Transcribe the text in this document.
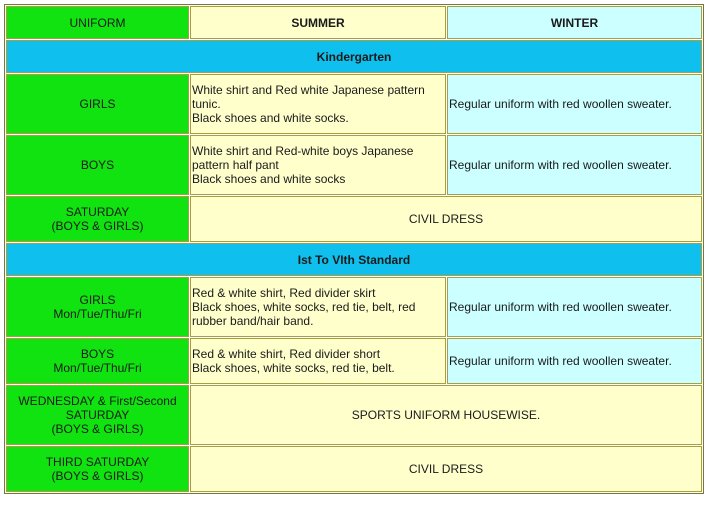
UNIFORM	SUMMER	WINTER
Kindergarten		

GIRLS	White shirt and Red white Japanese pattern
tunic.
Black shoes and white socks.	Regular uniform with red woollen sweater.

BOYS	White shirt and Red-white boys Japanese
pattern half pant
Black shoes and white socks	Regular uniform with red woollen sweater.

SATURDAY
(BOYS & GIRLS)	CIVIL DRESS	
Ist To VIth Standard		

GIRLS
Mon/Tue/Thu/Fri	Red & white shirt, Red divider skirt
Black shoes, white socks, red tie, belt, red
rubber band/hair band.	Regular uniform with red woollen sweater.

BOYS
Mon/Tue/Thu/Fri	Red & white shirt, Red divider short
Black shoes, white socks, red tie, belt.	Regular uniform with red woollen sweater.

WEDNESDAY & First/Second
SATURDAY
(BOYS & GIRLS)	SPORTS UNIFORM HOUSEWISE.	

THIRD SATURDAY
(BOYS & GIRLS)	CIVIL DRESS	
